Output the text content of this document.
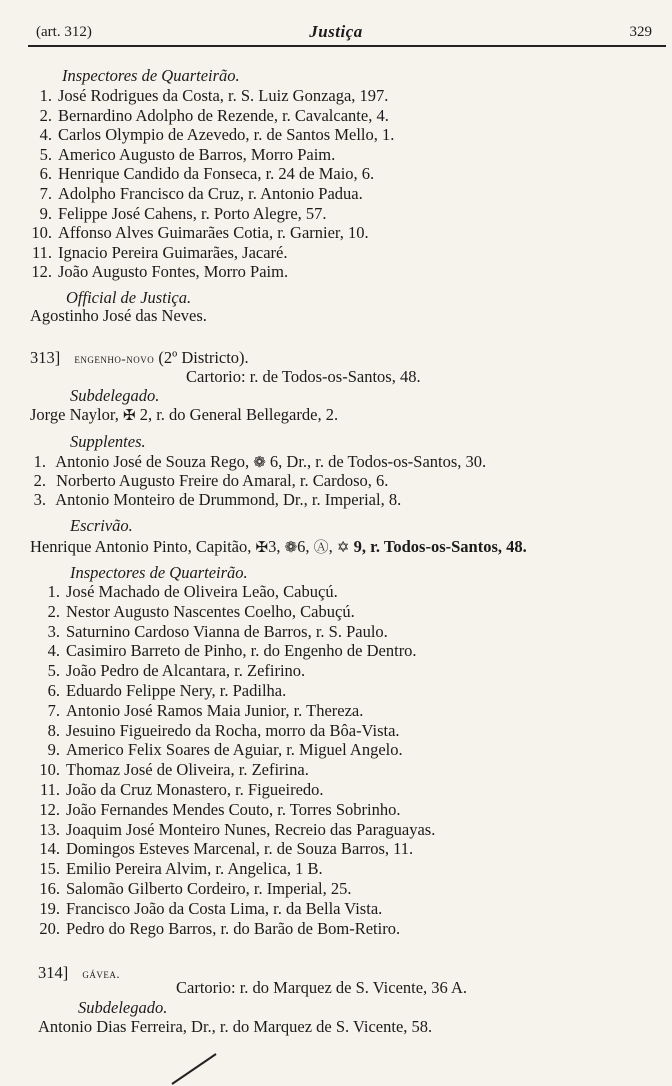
(art. 312)	Justiça	329
Inspectores de Quarteirão.
1. José Rodrigues da Costa, r. S. Luiz Gonzaga, 197.
2. Bernardino Adolpho de Rezende, r. Cavalcante, 4.
4. Carlos Olympio de Azevedo, r. de Santos Mello, 1.
5. Americo Augusto de Barros, Morro Paim.
6. Henrique Candido da Fonseca, r. 24 de Maio, 6.
7. Adolpho Francisco da Cruz, r. Antonio Padua.
9. Felippe José Cahens, r. Porto Alegre, 57.
10. Affonso Alves Guimarães Cotia, r. Garnier, 10.
11. Ignacio Pereira Guimarães, Jacaré.
12. João Augusto Fontes, Morro Paim.
Official de Justiça.
Agostinho José das Neves.
313] engenho-novo (2º Districto).
Cartorio: r. de Todos-os-Santos, 48.
Subdelegado.
Jorge Naylor, ✠ 2, r. do General Bellegarde, 2.
Supplentes.
1. Antonio José de Souza Rego, ❁ 6, Dr., r. de Todos-os-Santos, 30.
2. Norberto Augusto Freire do Amaral, r. Cardoso, 6.
3. Antonio Monteiro de Drummond, Dr., r. Imperial, 8.
Escrivão.
Henrique Antonio Pinto, Capitão, ✠3, ❁6, Ⓐ, ✡ 9, r. Todos-os-Santos, 48.
Inspectores de Quarteirão.
1. José Machado de Oliveira Leão, Cabuçú.
2. Nestor Augusto Nascentes Coelho, Cabuçú.
3. Saturnino Cardoso Vianna de Barros, r. S. Paulo.
4. Casimiro Barreto de Pinho, r. do Engenho de Dentro.
5. João Pedro de Alcantara, r. Zefirino.
6. Eduardo Felippe Nery, r. Padilha.
7. Antonio José Ramos Maia Junior, r. Thereza.
8. Jesuino Figueiredo da Rocha, morro da Bôa-Vista.
9. Americo Felix Soares de Aguiar, r. Miguel Angelo.
10. Thomaz José de Oliveira, r. Zefirina.
11. João da Cruz Monastero, r. Figueiredo.
12. João Fernandes Mendes Couto, r. Torres Sobrinho.
13. Joaquim José Monteiro Nunes, Recreio das Paraguayas.
14. Domingos Esteves Marcenal, r. de Souza Barros, 11.
15. Emilio Pereira Alvim, r. Angelica, 1 B.
16. Salomão Gilberto Cordeiro, r. Imperial, 25.
19. Francisco João da Costa Lima, r. da Bella Vista.
20. Pedro do Rego Barros, r. do Barão de Bom-Retiro.
314] gávea.
Cartorio: r. do Marquez de S. Vicente, 36 A.
Subdelegado.
Antonio Dias Ferreira, Dr., r. do Marquez de S. Vicente, 58.
